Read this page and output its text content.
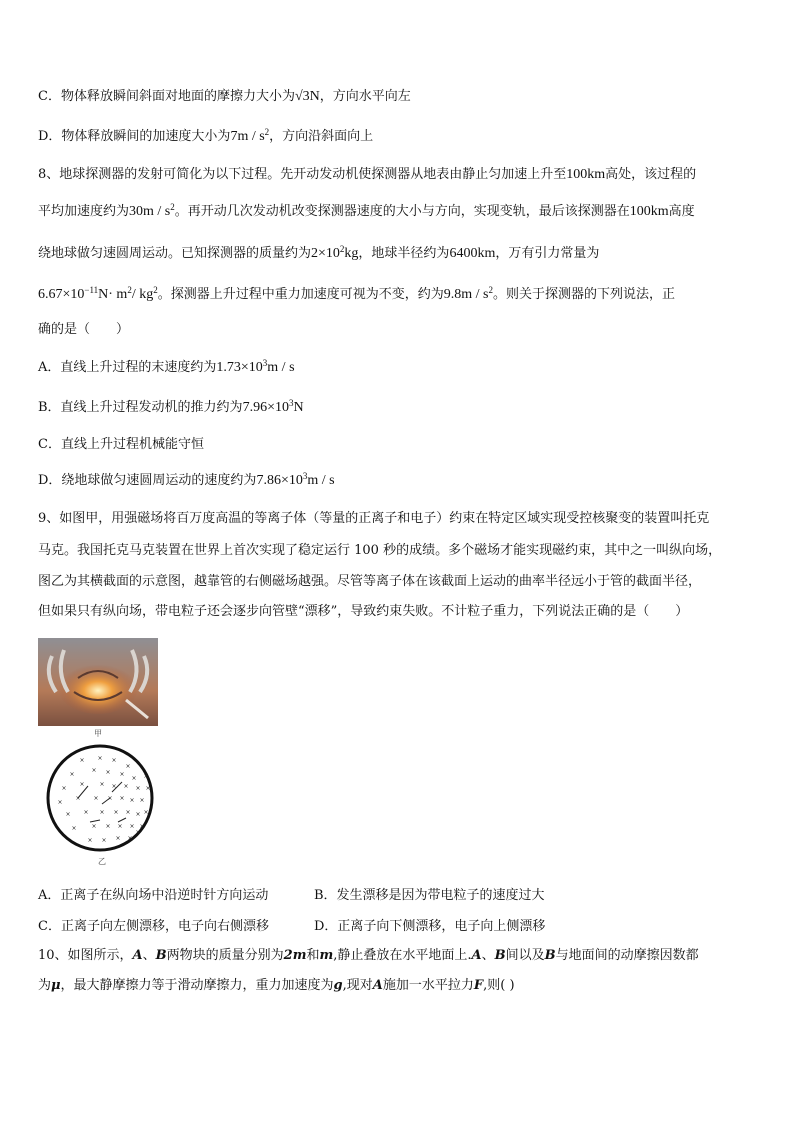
C．物体释放瞬间斜面对地面的摩擦力大小为√3N，方向水平向左
D．物体释放瞬间的加速度大小为$7m / s^2$，方向沿斜面向上
8、地球探测器的发射可简化为以下过程。先开动发动机使探测器从地表由静止匀加速上升至100km高处，该过程的
平均加速度约为$30m / s^2$。再开动几次发动机改变探测器速度的大小与方向，实现变轨，最后该探测器在100km高度
绕地球做匀速圆周运动。已知探测器的质量约为$2\times 10^2kg$，地球半径约为6400km，万有引力常量为
$6.67\times 10^{-11}N\cdot m^2/$ $kg^2$。探测器上升过程中重力加速度可视为不变，约为$9.8m / s^2$。则关于探测器的下列说法，正
确的是（　　）
A．直线上升过程的末速度约为$1.73\times 10^3m / s$
B．直线上升过程发动机的推力约为$7.96\times 10^3N$
C．直线上升过程机械能守恒
D．绕地球做匀速圆周运动的速度约为$7.86\times 10^3m / s$
9、如图甲，用强磁场将百万度高温的等离子体（等量的正离子和电子）约束在特定区域实现受控核聚变的装置叫托克
马克。我国托克马克装置在世界上首次实现了稳定运行 100 秒的成绩。多个磁场才能实现磁约束，其中之一叫纵向场，
图乙为其横截面的示意图，越靠管的右侧磁场越强。尽管等离子体在该截面上运动的曲率半径远小于管的截面半径，
但如果只有纵向场，带电粒子还会逐步向管壁“漂移”，导致约束失败。不计粒子重力，下列说法正确的是（　　）
甲
× × ×
×
×
× × ×
×
×
× × × × ×
×
× × × × × ×
× × × × × × ×
× × × × × ×
× × × ×
×
×
×
乙
A．正离子在纵向场中沿逆时针方向运动	B．发生漂移是因为带电粒子的速度过大
C．正离子向左侧漂移，电子向右侧漂移	D．正离子向下侧漂移，电子向上侧漂移
10、如图所示，A、B两物块的质量分别为2m和m,静止叠放在水平地面上.A、B间以及B与地面间的动摩擦因数都
为μ，最大静摩擦力等于滑动摩擦力，重力加速度为g,现对A施加一水平拉力F,则( )
